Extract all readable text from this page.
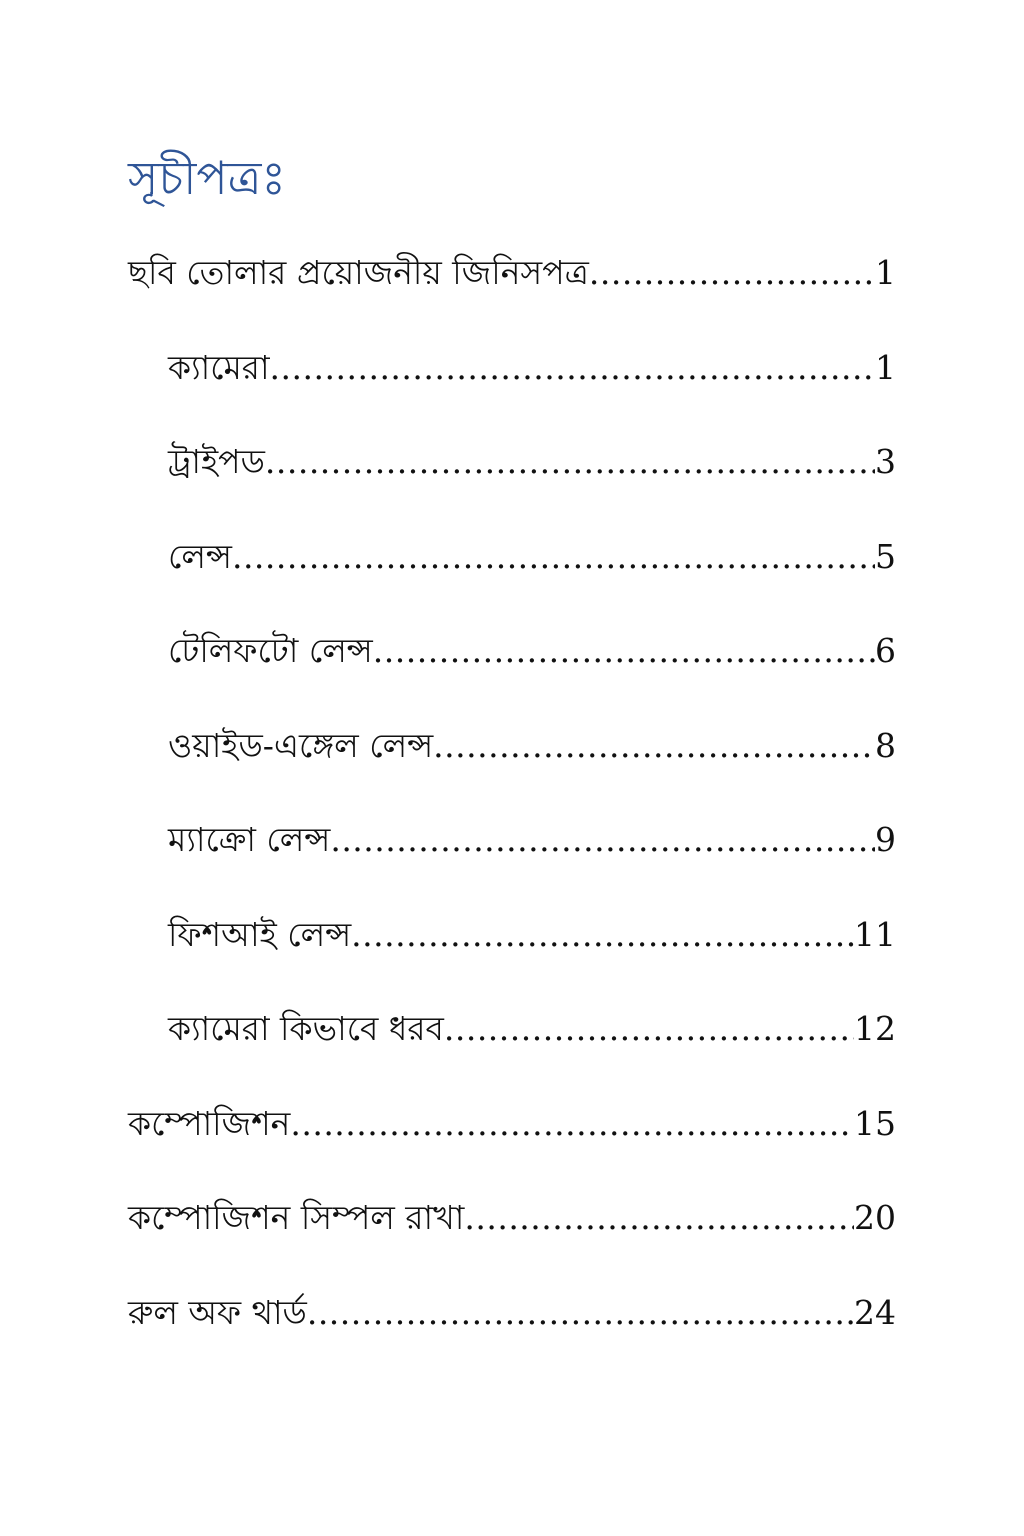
সূচীপত্রঃ
ছবি তোলার প্রয়োজনীয় জিনিসপত্র .....	1
ক্যামেরা .....	1
ট্রাইপড .....	3
লেন্স .....	5
টেলিফটো লেন্স .....	6
ওয়াইড-এঙ্গেল লেন্স .....	8
ম্যাক্রো লেন্স .....	9
ফিশআই লেন্স .....	11
ক্যামেরা কিভাবে ধরব .....	12
কম্পোজিশন .....	15
কম্পোজিশন সিম্পল রাখা .....	20
রুল অফ থার্ড .....	24
